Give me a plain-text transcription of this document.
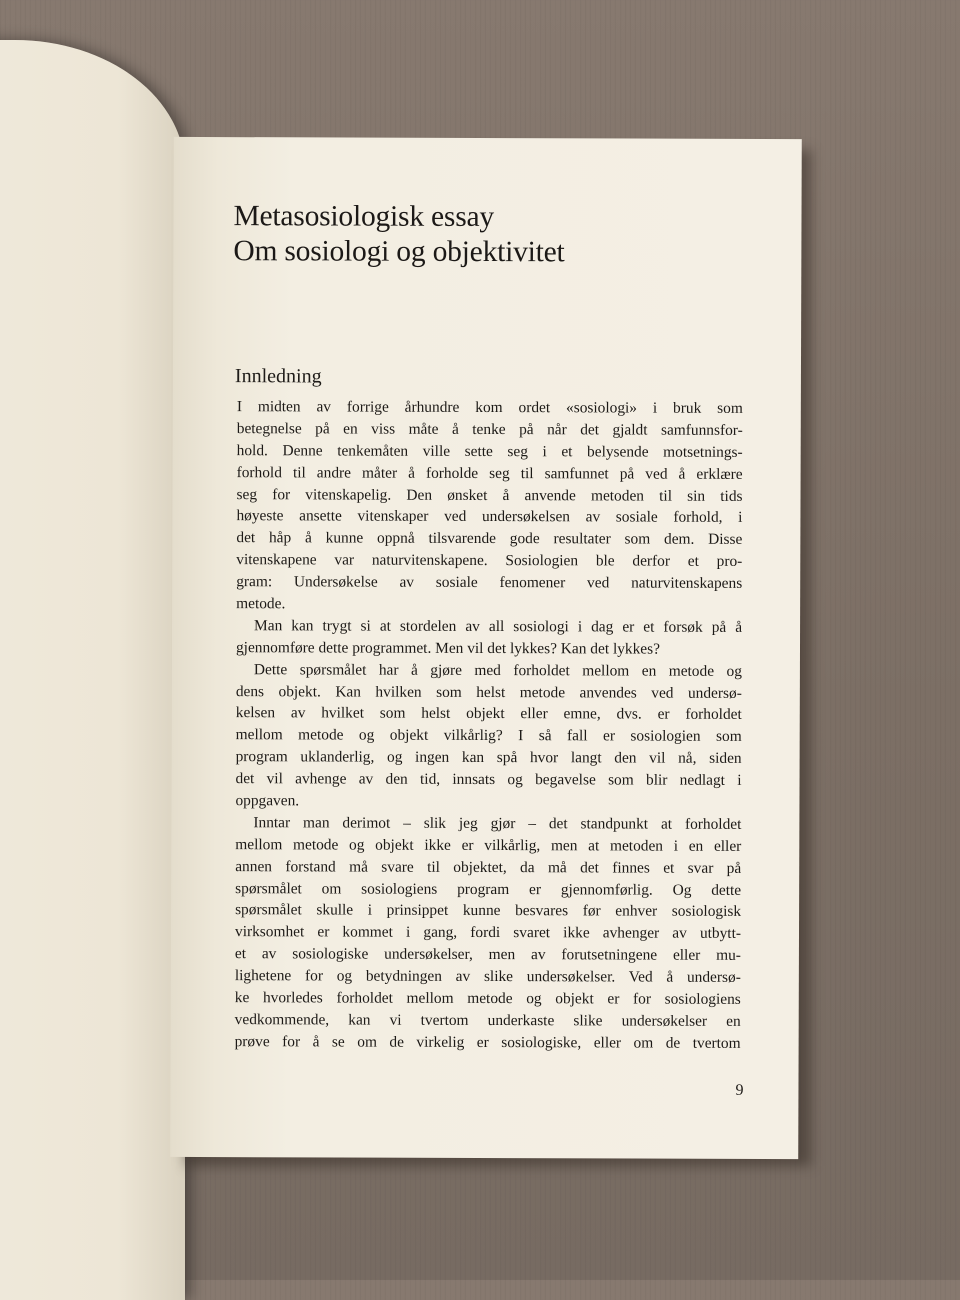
Metasosiologisk essay
Om sosiologi og objektivitet
Innledning
I midten av forrige århundre kom ordet «sosiologi» i bruk som
betegnelse på en viss måte å tenke på når det gjaldt samfunnsfor-
hold. Denne tenkemåten ville sette seg i et belysende motsetnings-
forhold til andre måter å forholde seg til samfunnet på ved å erklære
seg for vitenskapelig. Den ønsket å anvende metoden til sin tids
høyeste ansette vitenskaper ved undersøkelsen av sosiale forhold, i
det håp å kunne oppnå tilsvarende gode resultater som dem. Disse
vitenskapene var naturvitenskapene. Sosiologien ble derfor et pro-
gram: Undersøkelse av sosiale fenomener ved naturvitenskapens
metode.
Man kan trygt si at stordelen av all sosiologi i dag er et forsøk på å
gjennomføre dette programmet. Men vil det lykkes? Kan det lykkes?
Dette spørsmålet har å gjøre med forholdet mellom en metode og
dens objekt. Kan hvilken som helst metode anvendes ved undersø-
kelsen av hvilket som helst objekt eller emne, dvs. er forholdet
mellom metode og objekt vilkårlig? I så fall er sosiologien som
program uklanderlig, og ingen kan spå hvor langt den vil nå, siden
det vil avhenge av den tid, innsats og begavelse som blir nedlagt i
oppgaven.
Inntar man derimot – slik jeg gjør – det standpunkt at forholdet
mellom metode og objekt ikke er vilkårlig, men at metoden i en eller
annen forstand må svare til objektet, da må det finnes et svar på
spørsmålet om sosiologiens program er gjennomførlig. Og dette
spørsmålet skulle i prinsippet kunne besvares før enhver sosiologisk
virksomhet er kommet i gang, fordi svaret ikke avhenger av utbytt-
et av sosiologiske undersøkelser, men av forutsetningene eller mu-
lighetene for og betydningen av slike undersøkelser. Ved å undersø-
ke hvorledes forholdet mellom metode og objekt er for sosiologiens
vedkommende, kan vi tvertom underkaste slike undersøkelser en
prøve for å se om de virkelig er sosiologiske, eller om de tvertom
9
